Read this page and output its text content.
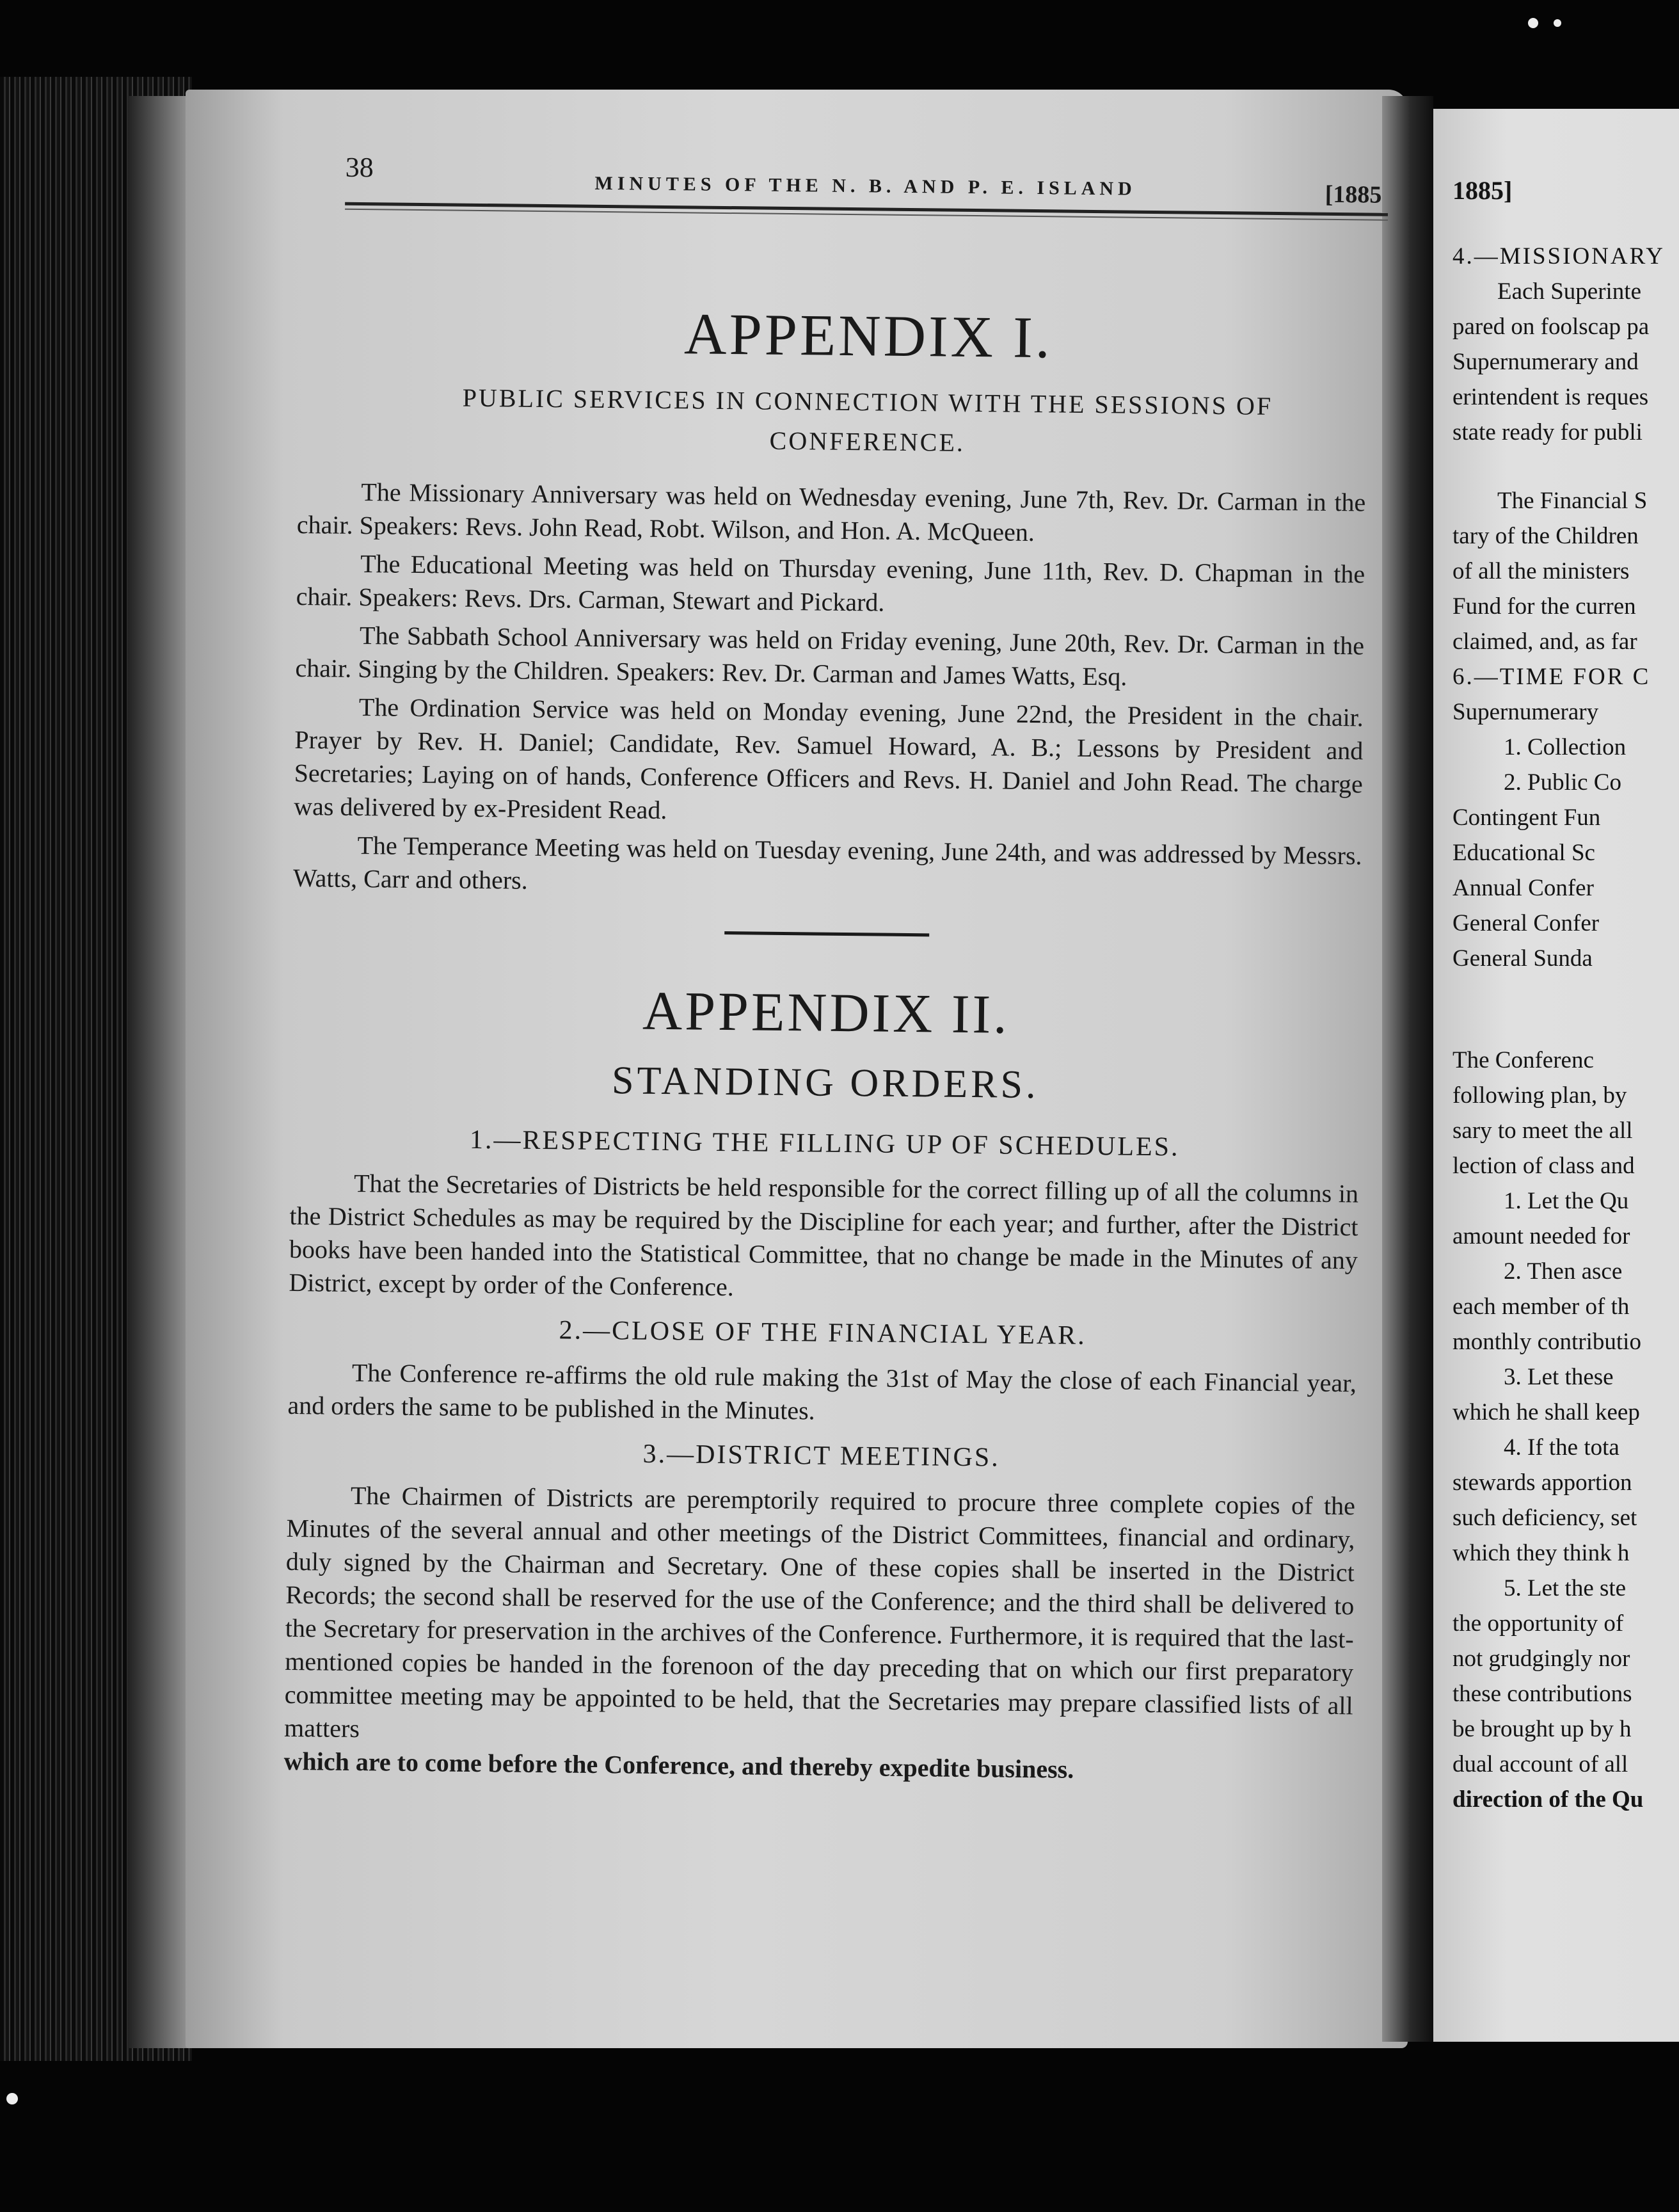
1885]
4.—MISSIONARY
Each Superinte
pared on foolscap pa
Supernumerary and
erintendent is reques
state ready for publi
The Financial S
tary of the Children
of all the ministers
Fund for the curren
claimed, and, as far
6.—TIME FOR C
Supernumerary
1. Collection
2. Public Co
Contingent Fun
Educational Sc
Annual Confer
General Confer
General Sunda
The Conferenc
following plan, by
sary to meet the all
lection of class and
1. Let the Qu
amount needed for
2. Then asce
each member of th
monthly contributio
3. Let these
which he shall keep
4. If the tota
stewards apportion
such deficiency, set
which they think h
5. Let the ste
the opportunity of
not grudgingly nor
these contributions
be brought up by h
dual account of all
direction of the Qu
38
MINUTES OF THE N. B. AND P. E. ISLAND	[1885
APPENDIX I.
PUBLIC SERVICES IN CONNECTION WITH THE SESSIONS OF CONFERENCE.

The Missionary Anniversary was held on Wednesday evening, June 7th, Rev. Dr. Carman in the chair. Speakers: Revs. John Read, Robt. Wilson, and Hon. A. McQueen.

The Educational Meeting was held on Thursday evening, June 11th, Rev. D. Chapman in the chair. Speakers: Revs. Drs. Carman, Stewart and Pickard.

The Sabbath School Anniversary was held on Friday evening, June 20th, Rev. Dr. Carman in the chair. Singing by the Children. Speakers: Rev. Dr. Carman and James Watts, Esq.

The Ordination Service was held on Monday evening, June 22nd, the President in the chair. Prayer by Rev. H. Daniel; Candidate, Rev. Samuel Howard, A. B.; Lessons by President and Secretaries; Laying on of hands, Conference Officers and Revs. H. Daniel and John Read. The charge was delivered by ex-President Read.

The Temperance Meeting was held on Tuesday evening, June 24th, and was addressed by Messrs. Watts, Carr and others.

APPENDIX II.
STANDING ORDERS.
1.—RESPECTING THE FILLING UP OF SCHEDULES.

That the Secretaries of Districts be held responsible for the correct filling up of all the columns in the District Schedules as may be required by the Discipline for each year; and further, after the District books have been handed into the Statistical Committee, that no change be made in the Minutes of any District, except by order of the Conference.

2.—CLOSE OF THE FINANCIAL YEAR.

The Conference re-affirms the old rule making the 31st of May the close of each Financial year, and orders the same to be published in the Minutes.

3.—DISTRICT MEETINGS.

The Chairmen of Districts are peremptorily required to procure three complete copies of the Minutes of the several annual and other meetings of the District Committees, financial and ordinary, duly signed by the Chairman and Secretary. One of these copies shall be inserted in the District Records; the second shall be reserved for the use of the Conference; and the third shall be delivered to the Secretary for preservation in the archives of the Conference. Furthermore, it is required that the last-mentioned copies be handed in the forenoon of the day preceding that on which our first preparatory committee meeting may be appointed to be held, that the Secretaries may prepare classified lists of all matters

which are to come before the Conference, and thereby expedite business.
